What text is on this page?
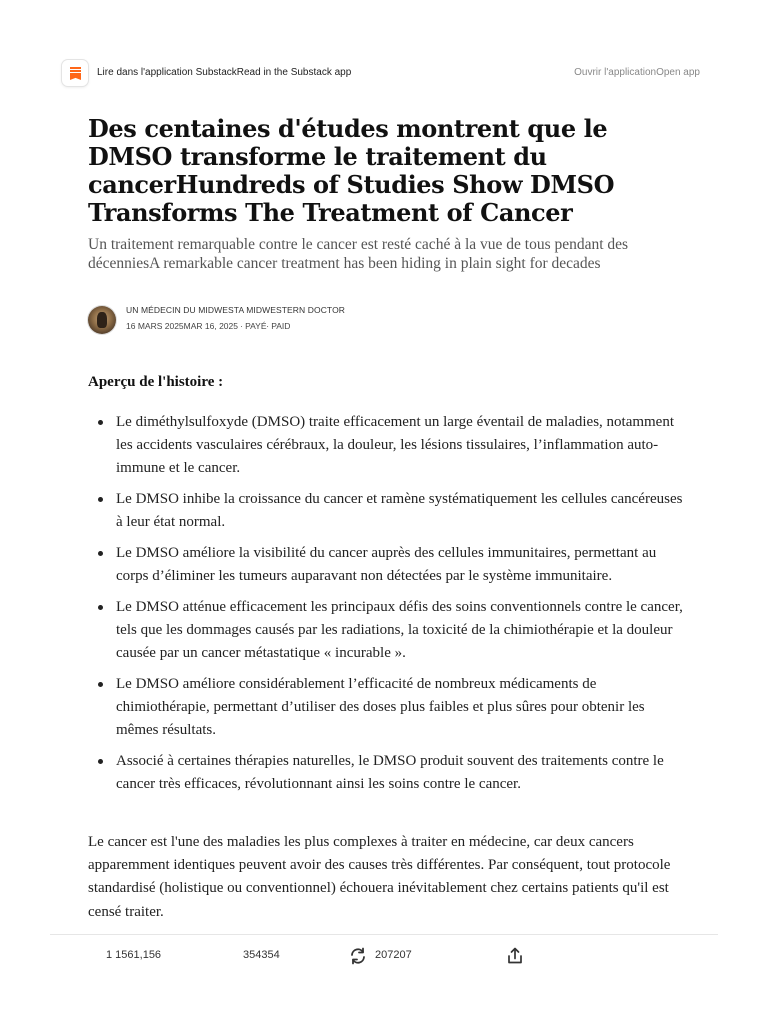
Lire dans l'application SubstackRead in the Substack app	Ouvrir l'applicationOpen app
Des centaines d'études montrent que le DMSO transforme le traitement du cancerHundreds of Studies Show DMSO Transforms The Treatment of Cancer

Un traitement remarquable contre le cancer est resté caché à la vue de tous pendant des décenniesA remarkable cancer treatment has been hiding in plain sight for decades

UN MÉDECIN DU MIDWESTA MIDWESTERN DOCTOR
16 MARS 2025MAR 16, 2025 ∙ PAYÉ∙ PAID

Aperçu de l'histoire :

Le diméthylsulfoxyde (DMSO) traite efficacement un large éventail de maladies, notamment les accidents vasculaires cérébraux, la douleur, les lésions tissulaires, l’inflammation auto-immune et le cancer.
Le DMSO inhibe la croissance du cancer et ramène systématiquement les cellules cancéreuses à leur état normal.
Le DMSO améliore la visibilité du cancer auprès des cellules immunitaires, permettant au corps d’éliminer les tumeurs auparavant non détectées par le système immunitaire.
Le DMSO atténue efficacement les principaux défis des soins conventionnels contre le cancer, tels que les dommages causés par les radiations, la toxicité de la chimiothérapie et la douleur causée par un cancer métastatique « incurable ».
Le DMSO améliore considérablement l’efficacité de nombreux médicaments de chimiothérapie, permettant d’utiliser des doses plus faibles et plus sûres pour obtenir les mêmes résultats.
Associé à certaines thérapies naturelles, le DMSO produit souvent des traitements contre le cancer très efficaces, révolutionnant ainsi les soins contre le cancer.

Le cancer est l'une des maladies les plus complexes à traiter en médecine, car deux cancers apparemment identiques peuvent avoir des causes très différentes. Par conséquent, tout protocole standardisé (holistique ou conventionnel) échouera inévitablement chez certains patients qu'il est censé traiter.

1 1561,156	354354	207207
